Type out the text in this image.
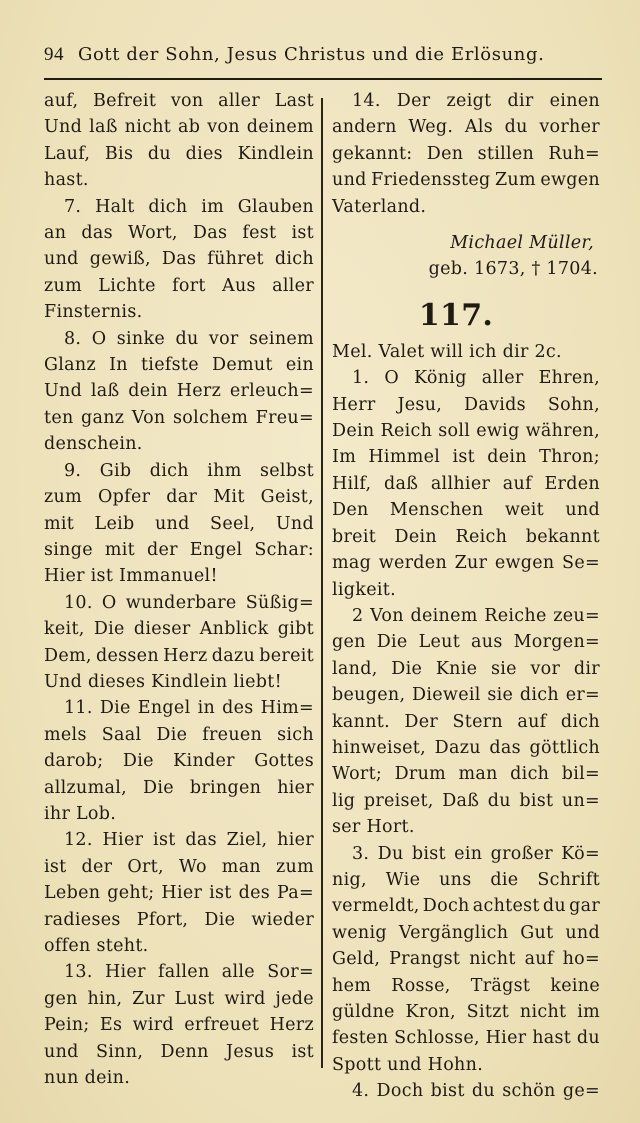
94 Gott der Sohn, Jesus Christus und die Erlösung.
auf, Befreit von aller Last
Und laß nicht ab von deinem
Lauf, Bis du dies Kindlein
hast.
7. Halt dich im Glauben
an das Wort, Das fest ist
und gewiß, Das führet dich
zum Lichte fort Aus aller
Finsternis.
8. O sinke du vor seinem
Glanz In tiefste Demut ein
Und laß dein Herz erleuch=
ten ganz Von solchem Freu=
denschein.
9. Gib dich ihm selbst
zum Opfer dar Mit Geist,
mit Leib und Seel, Und
singe mit der Engel Schar:
Hier ist Immanuel!
10. O wunderbare Süßig=
keit, Die dieser Anblick gibt
Dem, dessen Herz dazu bereit
Und dieses Kindlein liebt!
11. Die Engel in des Him=
mels Saal Die freuen sich
darob; Die Kinder Gottes
allzumal, Die bringen hier
ihr Lob.
12. Hier ist das Ziel, hier
ist der Ort, Wo man zum
Leben geht; Hier ist des Pa=
radieses Pfort, Die wieder
offen steht.
13. Hier fallen alle Sor=
gen hin, Zur Lust wird jede
Pein; Es wird erfreuet Herz
und Sinn, Denn Jesus ist
nun dein.
14. Der zeigt dir einen
andern Weg. Als du vorher
gekannt: Den stillen Ruh=
und Friedenssteg Zum ewgen
Vaterland.
Michael Müller,
geb. 1673, † 1704.
117.
Mel. Valet will ich dir 2c.
1. O König aller Ehren,
Herr Jesu, Davids Sohn,
Dein Reich soll ewig währen,
Im Himmel ist dein Thron;
Hilf, daß allhier auf Erden
Den Menschen weit und
breit Dein Reich bekannt
mag werden Zur ewgen Se=
ligkeit.
2 Von deinem Reiche zeu=
gen Die Leut aus Morgen=
land, Die Knie sie vor dir
beugen, Dieweil sie dich er=
kannt. Der Stern auf dich
hinweiset, Dazu das göttlich
Wort; Drum man dich bil=
lig preiset, Daß du bist un=
ser Hort.
3. Du bist ein großer Kö=
nig, Wie uns die Schrift
vermeldt, Doch achtest du gar
wenig Vergänglich Gut und
Geld, Prangst nicht auf ho=
hem Rosse, Trägst keine
güldne Kron, Sitzt nicht im
festen Schlosse, Hier hast du
Spott und Hohn.
4. Doch bist du schön ge=
